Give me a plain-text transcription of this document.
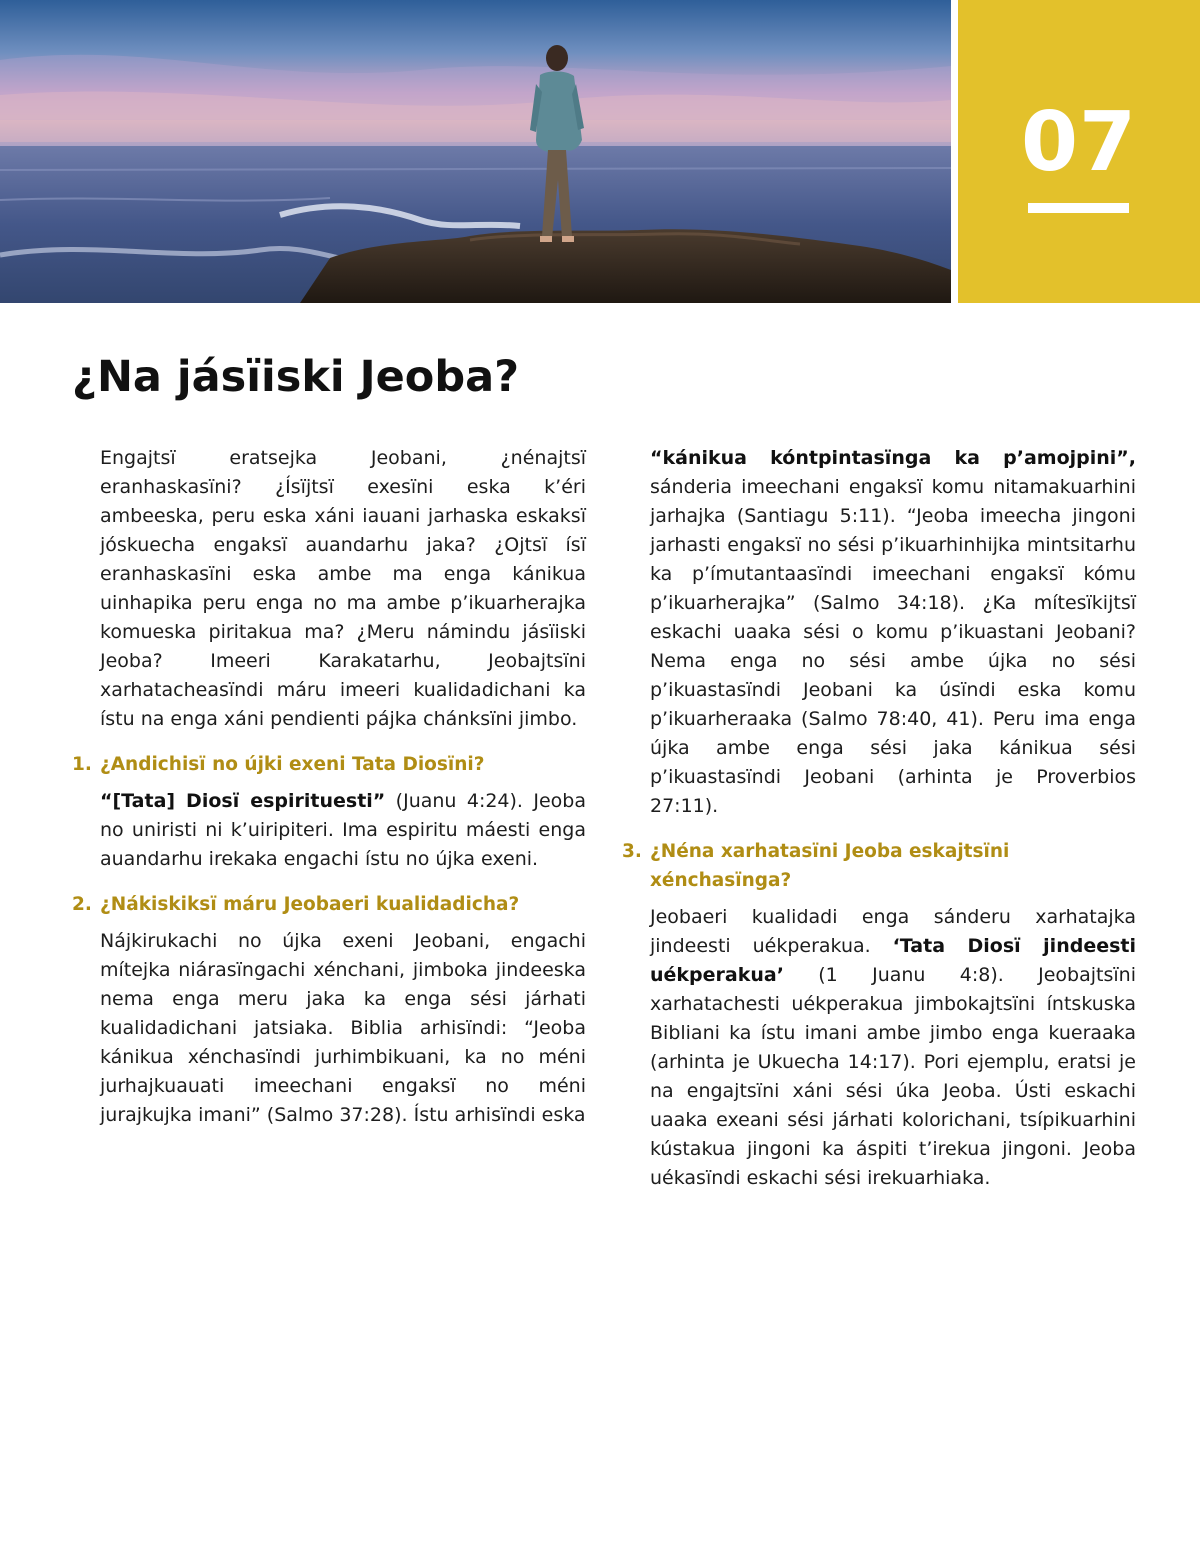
07
¿Na jásïiski Jeoba?

Engajtsï eratsejka Jeobani, ¿nénajtsï eranhaskasïni? ¿Ísïjtsï exesïni eska k’éri ambeeska, peru eska xáni iauani jarhaska eskaksï jóskuecha engaksï auandarhu jaka? ¿Ojtsï ísï eranhaskasïni eska ambe ma enga kánikua uinhapika peru enga no ma ambe p’ikuarherajka komueska piritakua ma? ¿Meru námindu jásïiski Jeoba? Imeeri Karakatarhu, Jeobajtsïni xarhatacheasïndi máru imeeri kualidadichani ka ístu na enga xáni pendienti pájka chánksïni jimbo.

1. ¿Andichisï no újki exeni Tata Diosïni?

“[Tata] Diosï espirituesti” (Juanu 4:24). Jeoba no uniristi ni k’uiripiteri. Ima espiritu máesti enga auandarhu irekaka engachi ístu no újka exeni.

2. ¿Nákiskiksï máru Jeobaeri kualidadicha?

Nájkirukachi no újka exeni Jeobani, engachi mítejka niárasïngachi xénchani, jimboka jindeeska nema enga meru jaka ka enga sési járhati kualidadichani jatsiaka. Biblia arhisïndi: “Jeoba kánikua xénchasïndi jurhimbikuani, ka no méni jurhajkuauati imeechani engaksï no méni jurajkujka imani” (Salmo 37:28). Ístu arhisïndi eska

“kánikua kóntpintasïnga ka p’amojpini”, sánderia imeechani engaksï komu nitamakuarhini jarhajka (Santiagu 5:11). “Jeoba imeecha jingoni jarhasti engaksï no sési p’ikuarhinhijka mintsitarhu ka p’ímutantaasïndi imeechani engaksï kómu p’ikuarherajka” (Salmo 34:18). ¿Ka mítesïkijtsï eskachi uaaka sési o komu p’ikuastani Jeobani? Nema enga no sési ambe újka no sési p’ikuastasïndi Jeobani ka úsïndi eska komu p’ikuarheraaka (Salmo 78:40, 41). Peru ima enga újka ambe enga sési jaka kánikua sési p’ikuastasïndi Jeobani (arhinta je Proverbios 27:11).

3. ¿Néna xarhatasïni Jeoba eskajtsïni xénchasïnga?

Jeobaeri kualidadi enga sánderu xarhatajka jindeesti uékperakua. ‘Tata Diosï jindeesti uékperakua’ (1 Juanu 4:8). Jeobajtsïni xarhatachesti uékperakua jimbokajtsïni íntskuska Bibliani ka ístu imani ambe jimbo enga kueraaka (arhinta je Ukuecha 14:17). Pori ejemplu, eratsi je na engajtsïni xáni sési úka Jeoba. Ústi eskachi uaaka exeani sési járhati kolorichani, tsípikuarhini kústakua jingoni ka áspiti t’irekua jingoni. Jeoba uékasïndi eskachi sési irekuarhiaka.
